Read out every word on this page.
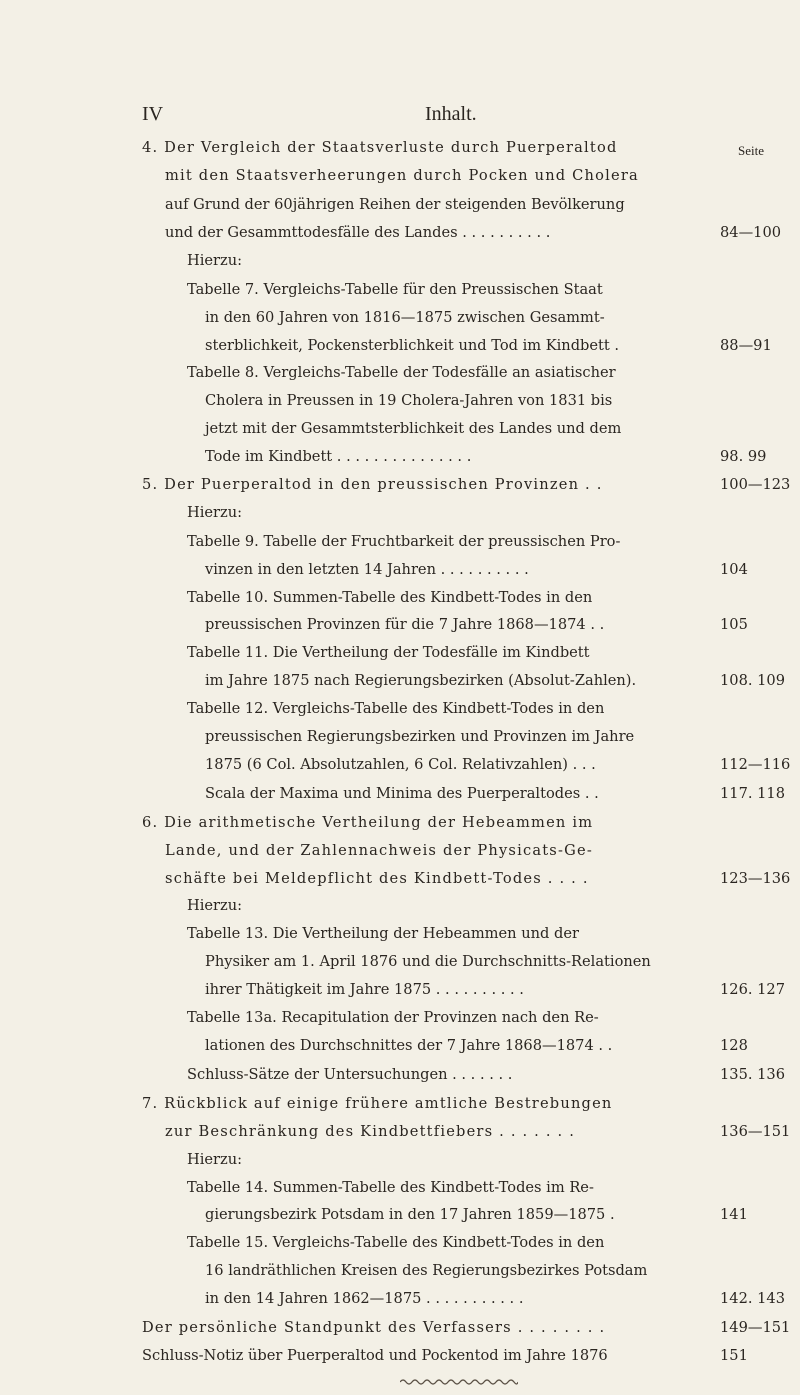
IV	Inhalt.
Seite
4. Der Vergleich der Staatsverluste durch Puerperaltod
mit den Staatsverheerungen durch Pocken und Cholera
auf Grund der 60jährigen Reihen der steigenden Bevölkerung
und der Gesammttodesfälle des Landes . . . . . . . . . .	84—100
Hierzu:
Tabelle 7. Vergleichs-Tabelle für den Preussischen Staat
in den 60 Jahren von 1816—1875 zwischen Gesammt-
sterblichkeit, Pockensterblichkeit und Tod im Kindbett .	88—91
Tabelle 8. Vergleichs-Tabelle der Todesfälle an asiatischer
Cholera in Preussen in 19 Cholera-Jahren von 1831 bis
jetzt mit der Gesammtsterblichkeit des Landes und dem
Tode im Kindbett . . . . . . . . . . . . . . .	98. 99
5. Der Puerperaltod in den preussischen Provinzen . .	100—123
Hierzu:
Tabelle 9. Tabelle der Fruchtbarkeit der preussischen Pro-
vinzen in den letzten 14 Jahren . . . . . . . . . .	104
Tabelle 10. Summen-Tabelle des Kindbett-Todes in den
preussischen Provinzen für die 7 Jahre 1868—1874 . .	105
Tabelle 11. Die Vertheilung der Todesfälle im Kindbett
im Jahre 1875 nach Regierungsbezirken (Absolut-Zahlen).	108. 109
Tabelle 12. Vergleichs-Tabelle des Kindbett-Todes in den
preussischen Regierungsbezirken und Provinzen im Jahre
1875 (6 Col. Absolutzahlen, 6 Col. Relativzahlen) . . .	112—116
Scala der Maxima und Minima des Puerperaltodes . .	117. 118
6. Die arithmetische Vertheilung der Hebeammen im
Lande, und der Zahlennachweis der Physicats-Ge-
schäfte bei Meldepflicht des Kindbett-Todes . . . .	123—136
Hierzu:
Tabelle 13. Die Vertheilung der Hebeammen und der
Physiker am 1. April 1876 und die Durchschnitts-Relationen
ihrer Thätigkeit im Jahre 1875 . . . . . . . . . .	126. 127
Tabelle 13a. Recapitulation der Provinzen nach den Re-
lationen des Durchschnittes der 7 Jahre 1868—1874 . .	128
Schluss-Sätze der Untersuchungen . . . . . . .	135. 136
7. Rückblick auf einige frühere amtliche Bestrebungen
zur Beschränkung des Kindbettfiebers . . . . . . .	136—151
Hierzu:
Tabelle 14. Summen-Tabelle des Kindbett-Todes im Re-
gierungsbezirk Potsdam in den 17 Jahren 1859—1875 .	141
Tabelle 15. Vergleichs-Tabelle des Kindbett-Todes in den
16 landräthlichen Kreisen des Regierungsbezirkes Potsdam
in den 14 Jahren 1862—1875 . . . . . . . . . . .	142. 143
Der persönliche Standpunkt des Verfassers . . . . . . . .	149—151
Schluss-Notiz über Puerperaltod und Pockentod im Jahre 1876	151
